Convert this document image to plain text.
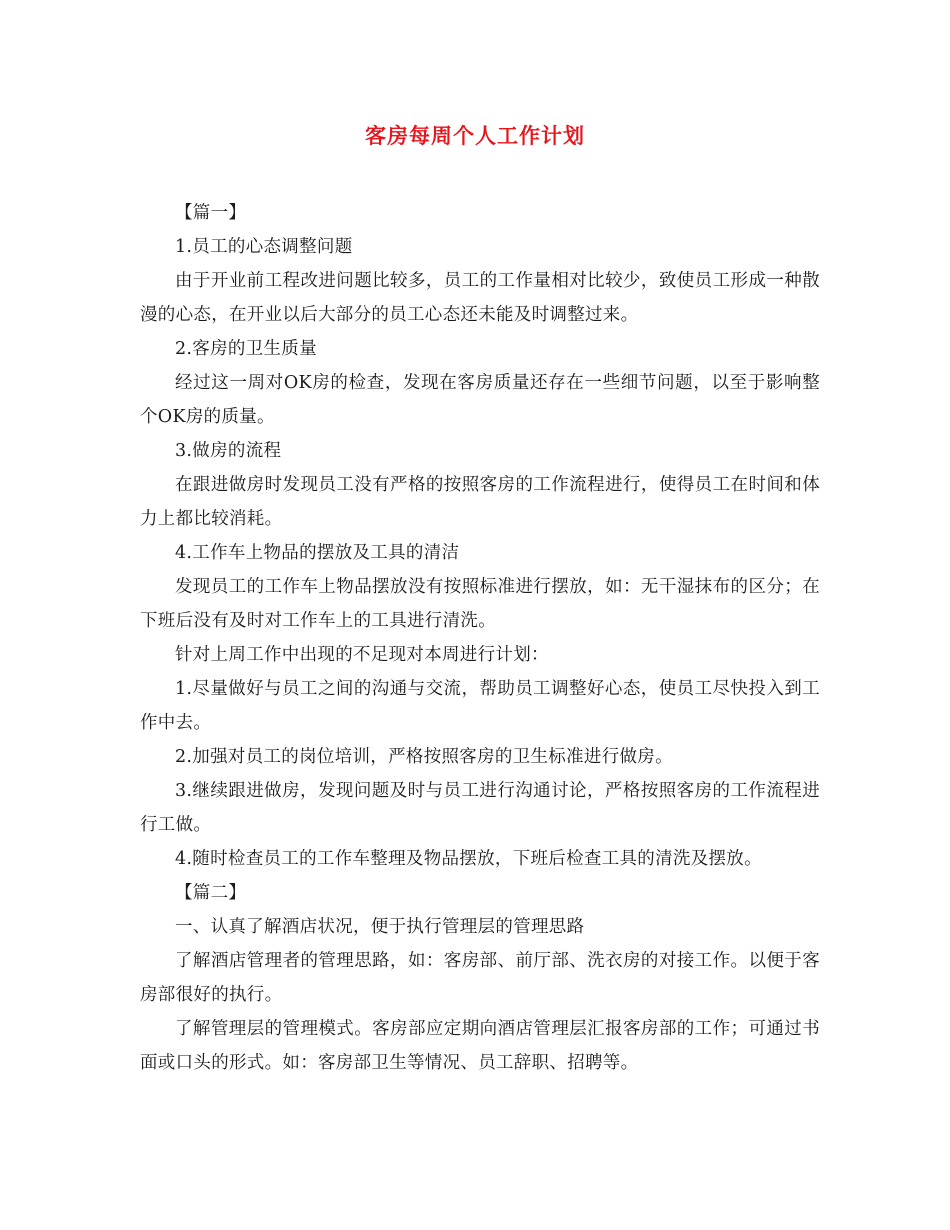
客房每周个人工作计划

【篇一】

1.员工的心态调整问题

由于开业前工程改进问题比较多，员工的工作量相对比较少，致使员工形成一种散漫的心态，在开业以后大部分的员工心态还未能及时调整过来。

2.客房的卫生质量

经过这一周对OK房的检查，发现在客房质量还存在一些细节问题，以至于影响整个OK房的质量。

3.做房的流程

在跟进做房时发现员工没有严格的按照客房的工作流程进行，使得员工在时间和体力上都比较消耗。

4.工作车上物品的摆放及工具的清洁

发现员工的工作车上物品摆放没有按照标准进行摆放，如：无干湿抹布的区分；在下班后没有及时对工作车上的工具进行清洗。

针对上周工作中出现的不足现对本周进行计划：

1.尽量做好与员工之间的沟通与交流，帮助员工调整好心态，使员工尽快投入到工作中去。

2.加强对员工的岗位培训，严格按照客房的卫生标准进行做房。

3.继续跟进做房，发现问题及时与员工进行沟通讨论，严格按照客房的工作流程进行工做。

4.随时检查员工的工作车整理及物品摆放，下班后检查工具的清洗及摆放。

【篇二】

一、认真了解酒店状况，便于执行管理层的管理思路

了解酒店管理者的管理思路，如：客房部、前厅部、洗衣房的对接工作。以便于客房部很好的执行。

了解管理层的管理模式。客房部应定期向酒店管理层汇报客房部的工作；可通过书面或口头的形式。如：客房部卫生等情况、员工辞职、招聘等。
